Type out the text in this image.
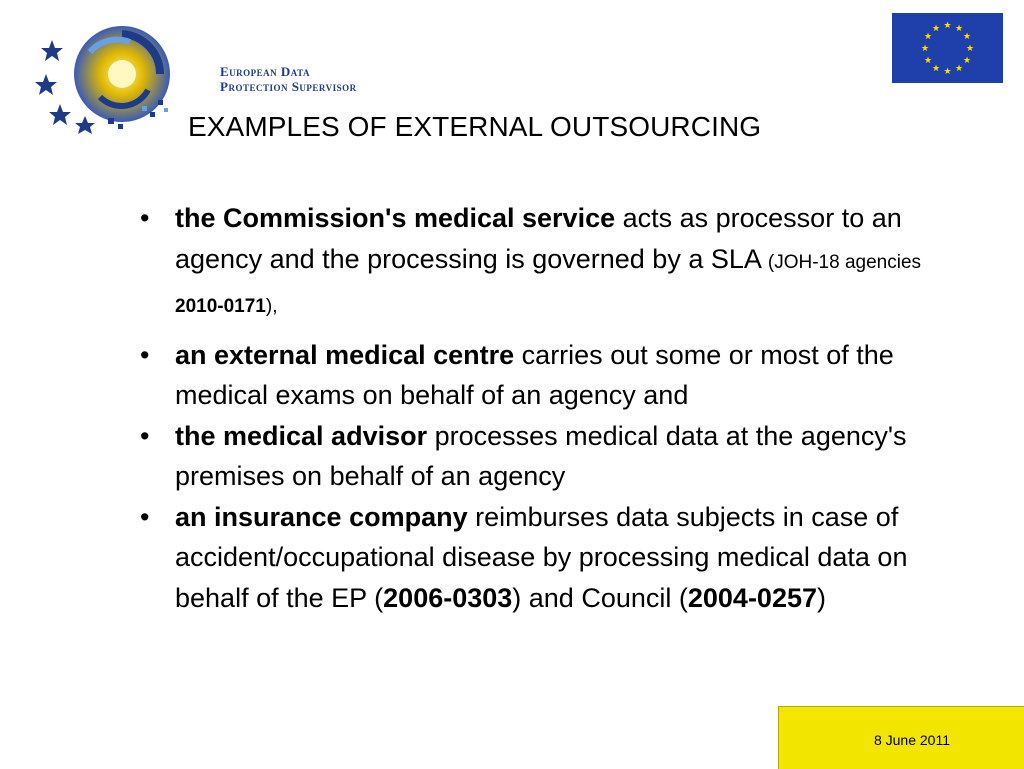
European Data
Protection Supervisor
★ ★
★
★
★
★
★
★
★
★
★
★
EXAMPLES OF EXTERNAL OUTSOURCING
• the Commission's medical service acts as processor to an agency and the processing is governed by a SLA (JOH-18 agencies 2010-0171),
• an external medical centre carries out some or most of the medical exams on behalf of an agency and
• the medical advisor processes medical data at the agency's premises on behalf of an agency
• an insurance company reimburses data subjects in case of accident/occupational disease by processing medical data on behalf of the EP (2006-0303) and Council (2004-0257)
8 June 2011
